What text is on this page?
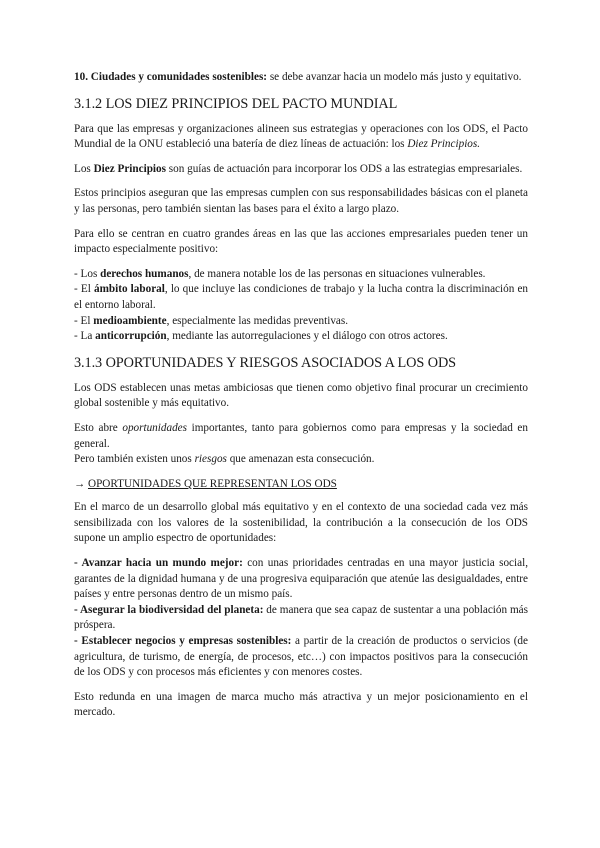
10. Ciudades y comunidades sostenibles: se debe avanzar hacia un modelo más justo y equitativo.

3.1.2 LOS DIEZ PRINCIPIOS DEL PACTO MUNDIAL

Para que las empresas y organizaciones alineen sus estrategias y operaciones con los ODS, el Pacto Mundial de la ONU estableció una batería de diez líneas de actuación: los Diez Principios.

Los Diez Principios son guías de actuación para incorporar los ODS a las estrategias empresariales.

Estos principios aseguran que las empresas cumplen con sus responsabilidades básicas con el planeta y las personas, pero también sientan las bases para el éxito a largo plazo.

Para ello se centran en cuatro grandes áreas en las que las acciones empresariales pueden tener un impacto especialmente positivo:

- Los derechos humanos, de manera notable los de las personas en situaciones vulnerables.

- El ámbito laboral, lo que incluye las condiciones de trabajo y la lucha contra la discriminación en el entorno laboral.

- El medioambiente, especialmente las medidas preventivas.

- La anticorrupción, mediante las autorregulaciones y el diálogo con otros actores.

3.1.3 OPORTUNIDADES Y RIESGOS ASOCIADOS A LOS ODS

Los ODS establecen unas metas ambiciosas que tienen como objetivo final procurar un crecimiento global sostenible y más equitativo.

Esto abre oportunidades importantes, tanto para gobiernos como para empresas y la sociedad en general.

Pero también existen unos riesgos que amenazan esta consecución.

→ OPORTUNIDADES QUE REPRESENTAN LOS ODS

En el marco de un desarrollo global más equitativo y en el contexto de una sociedad cada vez más sensibilizada con los valores de la sostenibilidad, la contribución a la consecución de los ODS supone un amplio espectro de oportunidades:

- Avanzar hacia un mundo mejor: con unas prioridades centradas en una mayor justicia social, garantes de la dignidad humana y de una progresiva equiparación que atenúe las desigualdades, entre países y entre personas dentro de un mismo país.

- Asegurar la biodiversidad del planeta: de manera que sea capaz de sustentar a una población más próspera.

- Establecer negocios y empresas sostenibles: a partir de la creación de productos o servicios (de agricultura, de turismo, de energía, de procesos, etc…) con impactos positivos para la consecución de los ODS y con procesos más eficientes y con menores costes.

Esto redunda en una imagen de marca mucho más atractiva y un mejor posicionamiento en el mercado.
